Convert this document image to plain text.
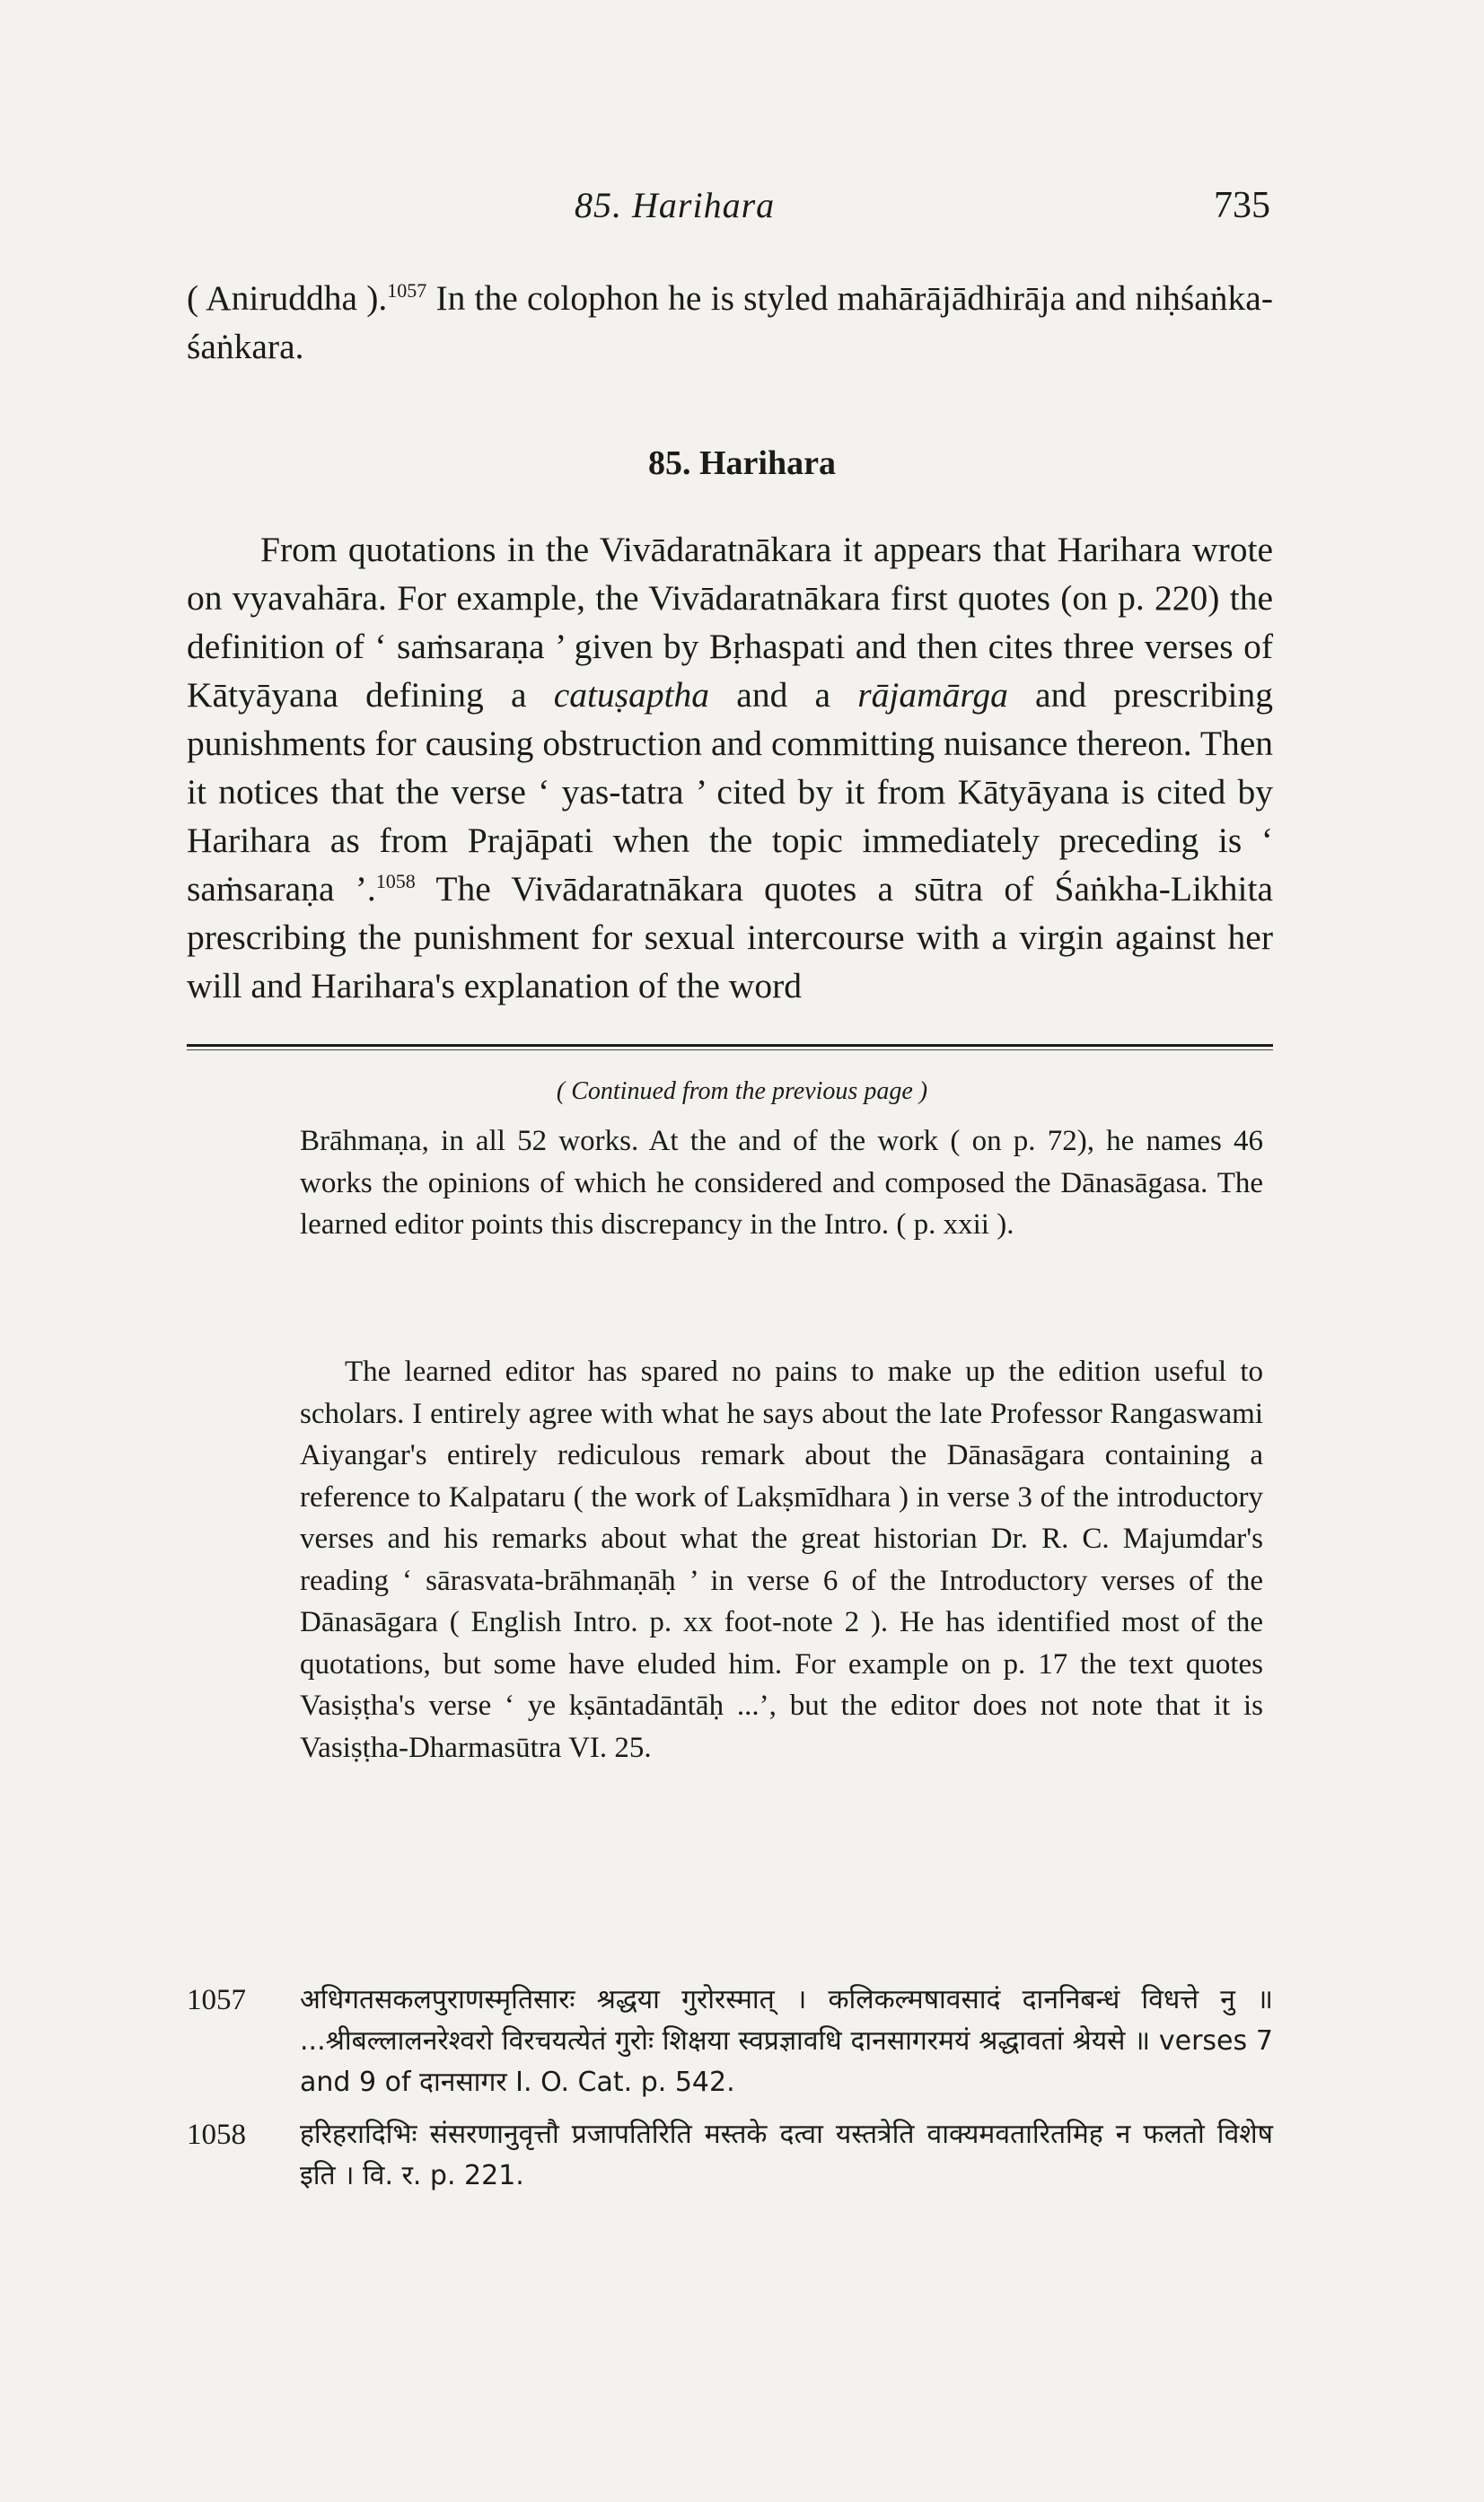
85. Harihara	735

( Aniruddha ).$^{1057}$ In the colophon he is styled mahārājādhirāja and niḥśaṅka-śaṅkara.

85. Harihara

From quotations in the Vivādaratnākara it appears that Harihara wrote on vyavahāra. For example, the Vivādaratnākara first quotes (on p. 220) the definition of ‘ saṁsaraṇa ’ given by Bṛhaspati and then cites three verses of Kātyāyana defining a catuṣaptha and a rājamārga and prescribing punishments for causing obstruction and committing nuisance thereon. Then it notices that the verse ‘ yas-tatra ’ cited by it from Kātyāyana is cited by Harihara as from Prajāpati when the topic immediately preceding is ‘ saṁsaraṇa ’.$^{1058}$ The Vivādaratnākara quotes a sūtra of Śaṅkha-Likhita prescribing the punishment for sexual intercourse with a virgin against her will and Harihara's explanation of the word

( Continued from the previous page )

Brāhmaṇa, in all 52 works. At the and of the work ( on p. 72), he names 46 works the opinions of which he considered and composed the Dānasāgasa. The learned editor points this discrepancy in the Intro. ( p. xxii ).

The learned editor has spared no pains to make up the edition useful to scholars. I entirely agree with what he says about the late Professor Rangaswami Aiyangar's entirely rediculous remark about the Dānasāgara containing a reference to Kalpataru ( the work of Lakṣmīdhara ) in verse 3 of the introductory verses and his remarks about what the great historian Dr. R. C. Majumdar's reading ‘ sārasvata-brāhmaṇāḥ ’ in verse 6 of the Introductory verses of the Dānasāgara ( English Intro. p. xx foot-note 2 ). He has identified most of the quotations, but some have eluded him. For example on p. 17 the text quotes Vasiṣṭha's verse ‘ ye kṣāntadāntāḥ ...’, but the editor does not note that it is Vasiṣṭha-Dharmasūtra VI. 25.

1057 अधिगतसकलपुराणस्मृतिसारः श्रद्धया गुरोरस्मात् । कलिकल्मषावसादं दाननिबन्धं विधत्ते नु ॥ ...श्रीबल्लालनरेश्वरो विरचयत्येतं गुरोः शिक्षया स्वप्रज्ञावधि दानसागरमयं श्रद्धावतां श्रेयसे ॥ verses 7 and 9 of दानसागर I. O. Cat. p. 542.
1058 हरिहरादिभिः संसरणानुवृत्तौ प्रजापतिरिति मस्तके दत्वा यस्तत्रेति वाक्यमवतारितमिह न फलतो विशेष इति । वि. र. p. 221.
